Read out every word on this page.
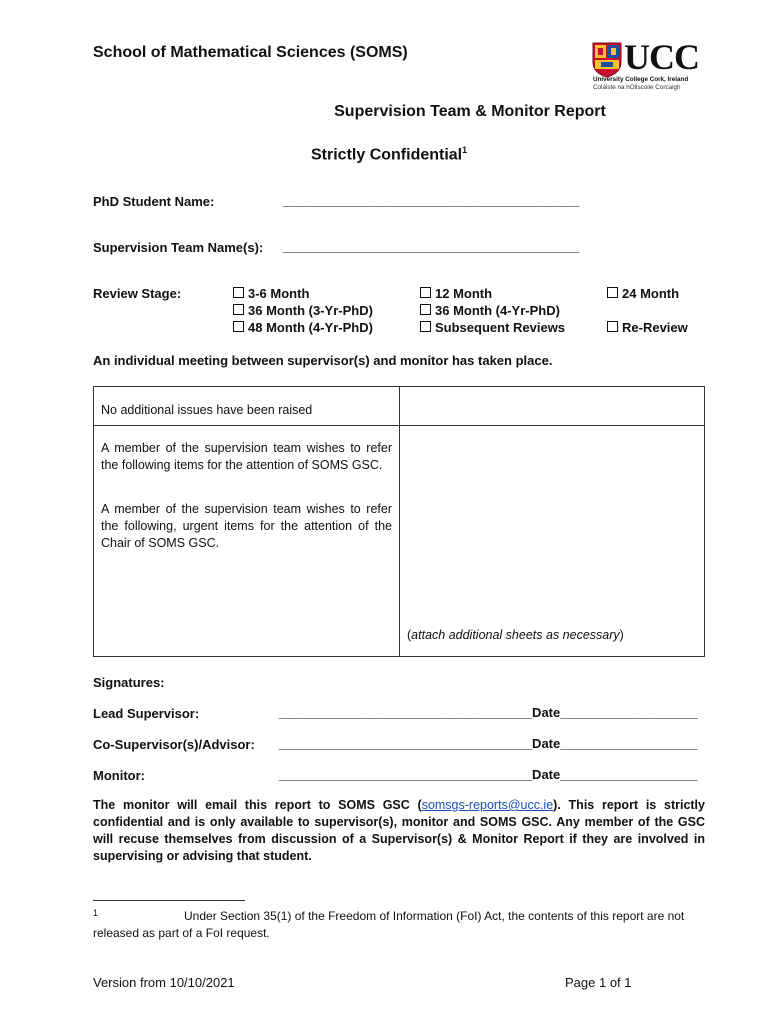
School of Mathematical Sciences (SOMS)	UCC
University College Cork, Ireland
Coláiste na hOllscoile Corcaigh
Supervision Team & Monitor Report
Strictly Confidential$^1$
PhD Student Name:	_________________________________________
Supervision Team Name(s): _________________________________________
Review Stage:	3-6 Month	12 Month	24 Month
36 Month (3-Yr-PhD)	36 Month (4-Yr-PhD)
48 Month (4-Yr-PhD)	Subsequent Reviews	Re-Review
An individual meeting between supervisor(s) and monitor has taken place.
No additional issues have been raised	

A member of the supervision team wishes to refer the following items for the attention of SOMS GSC.
A member of the supervision team wishes to refer the following, urgent items for the attention of the Chair of SOMS GSC.	(attach additional sheets as necessary)
Signatures:
Lead Supervisor:	___________________________________Date___________________
Co-Supervisor(s)/Advisor: ___________________________________Date___________________
Monitor:	___________________________________Date___________________
The monitor will email this report to SOMS GSC (somsgs-reports@ucc.ie). This report is strictly confidential and is only available to supervisor(s), monitor and SOMS GSC. Any member of the GSC will recuse themselves from discussion of a Supervisor(s) & Monitor Report if they are involved in supervising or advising that student.
$^1$	Under Section 35(1) of the Freedom of Information (FoI) Act, the contents of this report are not released as part of a FoI request.
Version from 10/10/2021	Page 1 of 1
